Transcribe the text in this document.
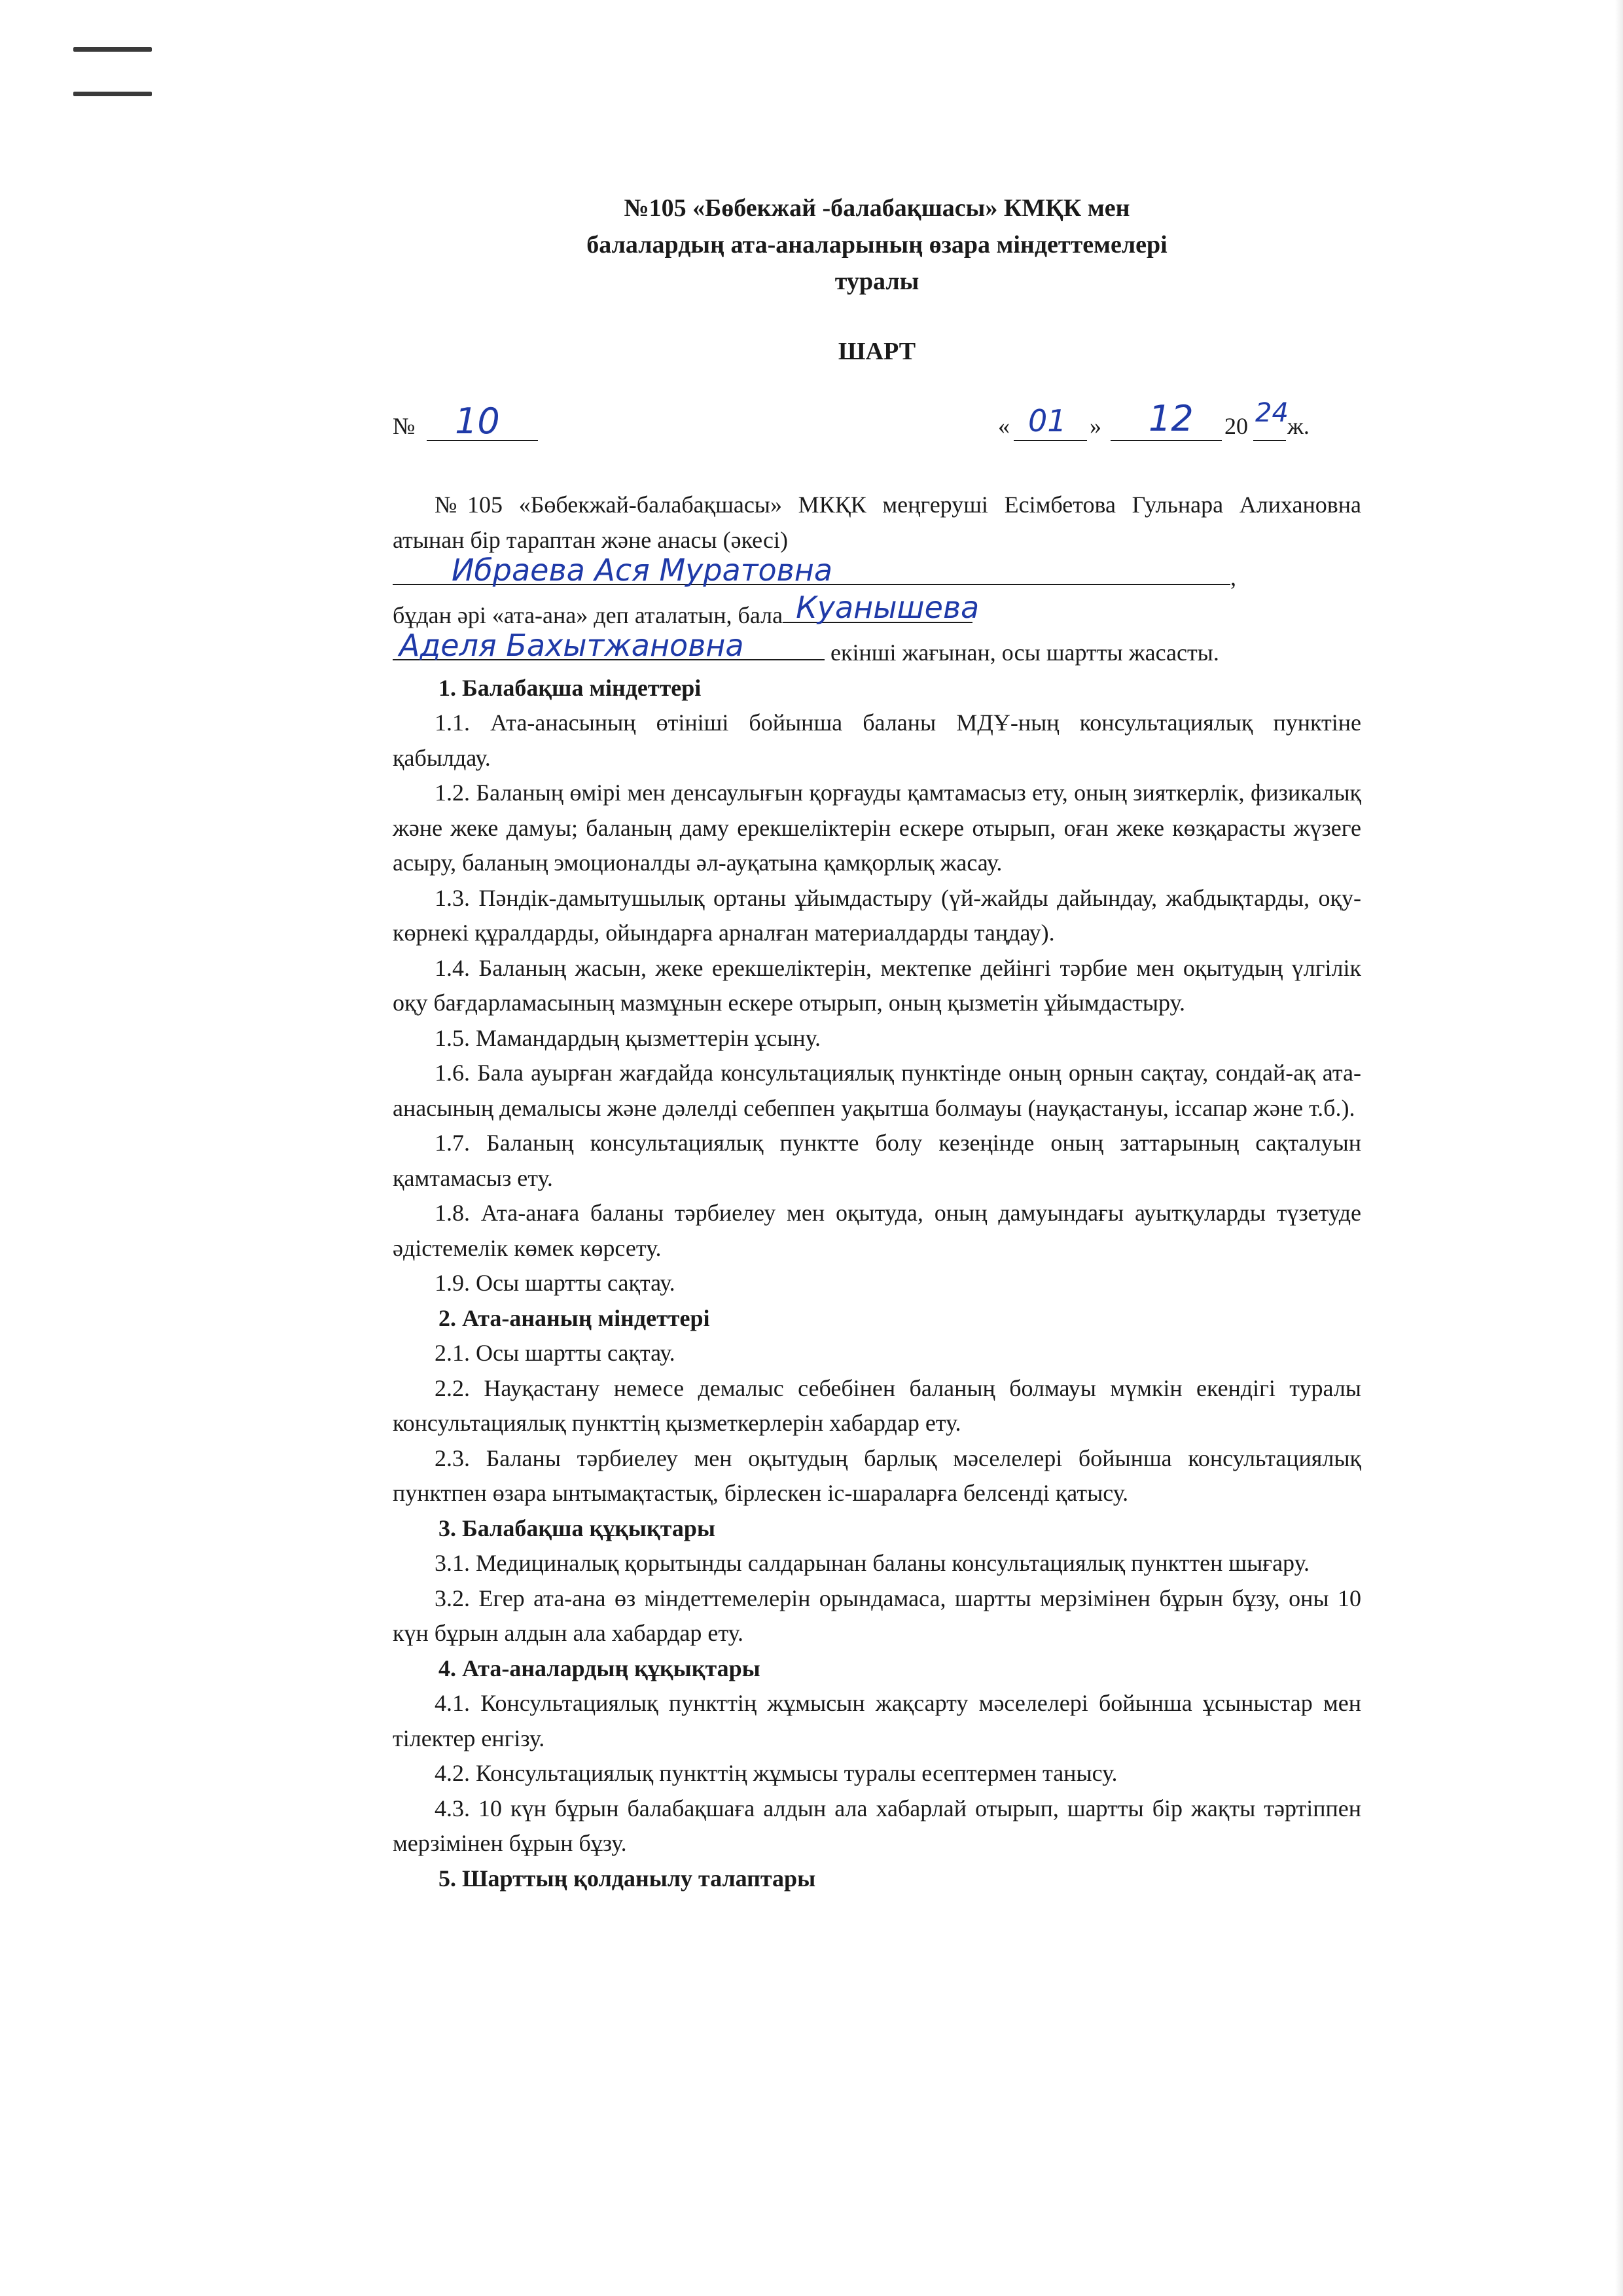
№105 «Бөбекжай -балабақшасы» КМҚК мен
балалардың ата-аналарының өзара міндеттемелері
туралы
ШАРТ
№ 10	« 01 » 12 20 24
ж.

№105 «Бөбекжай-балабақшасы» МКҚК меңгеруші Есімбетова Гульнара Алихановна атынан бір тараптан және анасы (әкесі)

Ибраева Ася Муратовна	,

бұдан әрі «ата-ана» деп аталатын, бала Куанышева

Аделя Бахытжановна	екінші жағынан, осы шартты жасасты.

1. Балабақша міндеттері

1.1. Ата-анасының өтініші бойынша баланы МДҰ-ның консультациялық пунктіне қабылдау.

1.2. Баланың өмірі мен денсаулығын қорғауды қамтамасыз ету, оның зияткерлік, физикалық және жеке дамуы; баланың даму ерекшеліктерін ескере отырып, оған жеке көзқарасты жүзеге асыру, баланың эмоционалды әл-ауқатына қамқорлық жасау.

1.3. Пәндік-дамытушылық ортаны ұйымдастыру (үй-жайды дайындау, жабдықтарды, оқу-көрнекі құралдарды, ойындарға арналған материалдарды таңдау).

1.4. Баланың жасын, жеке ерекшеліктерін, мектепке дейінгі тәрбие мен оқытудың үлгілік оқу бағдарламасының мазмұнын ескере отырып, оның қызметін ұйымдастыру.

1.5. Мамандардың қызметтерін ұсыну.

1.6. Бала ауырған жағдайда консультациялық пунктінде оның орнын сақтау, сондай-ақ ата-анасының демалысы және дәлелді себеппен уақытша болмауы (науқастануы, іссапар және т.б.).

1.7. Баланың консультациялық пунктте болу кезеңінде оның заттарының сақталуын қамтамасыз ету.

1.8. Ата-анаға баланы тәрбиелеу мен оқытуда, оның дамуындағы ауытқуларды түзетуде әдістемелік көмек көрсету.

1.9. Осы шартты сақтау.

2. Ата-ананың міндеттері

2.1. Осы шартты сақтау.

2.2. Науқастану немесе демалыс себебінен баланың болмауы мүмкін екендігі туралы консультациялық пункттің қызметкерлерін хабардар ету.

2.3. Баланы тәрбиелеу мен оқытудың барлық мәселелері бойынша консультациялық пунктпен өзара ынтымақтастық, бірлескен іс-шараларға белсенді қатысу.

3. Балабақша құқықтары

3.1. Медициналық қорытынды салдарынан баланы консультациялық пункттен шығару.

3.2. Егер ата-ана өз міндеттемелерін орындамаса, шартты мерзімінен бұрын бұзу, оны 10 күн бұрын алдын ала хабардар ету.

4. Ата-аналардың құқықтары

4.1. Консультациялық пункттің жұмысын жақсарту мәселелері бойынша ұсыныстар мен тілектер енгізу.

4.2. Консультациялық пункттің жұмысы туралы есептермен танысу.

4.3. 10 күн бұрын балабақшаға алдын ала хабарлай отырып, шартты бір жақты тәртіппен мерзімінен бұрын бұзу.

5. Шарттың қолданылу талаптары
